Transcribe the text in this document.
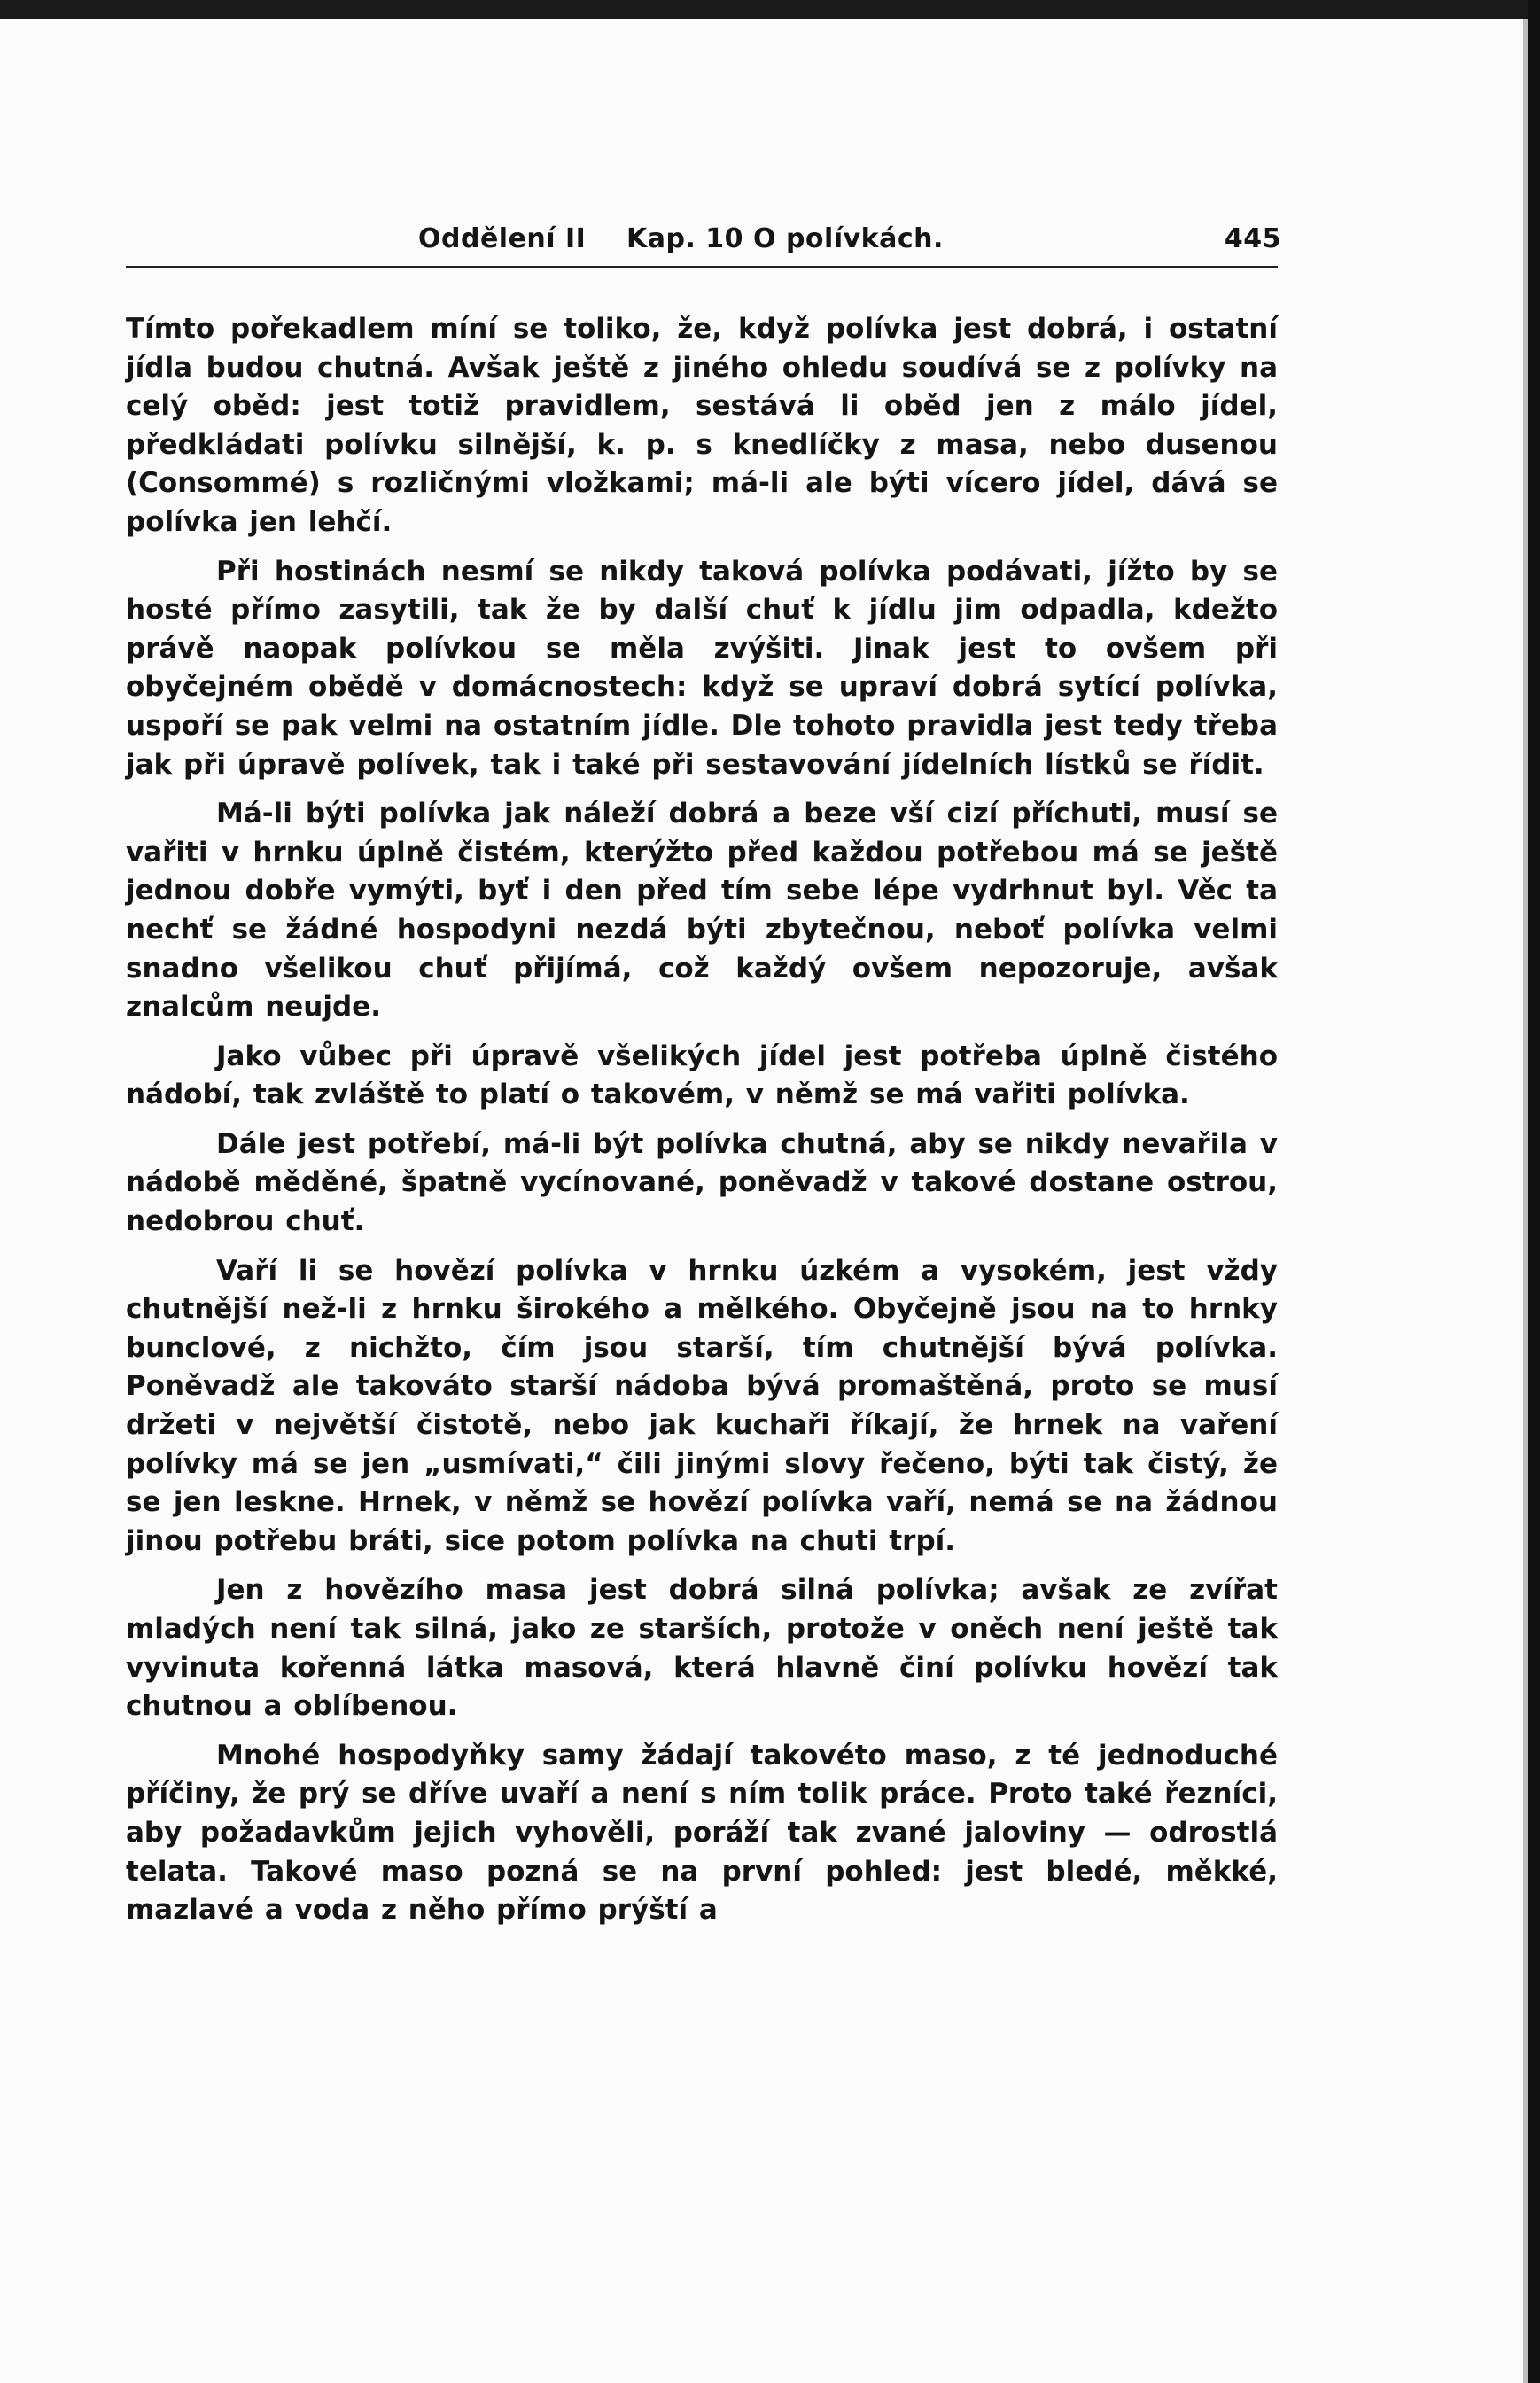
Oddělení II Kap. 10 O polívkách.	445

Tímto pořekadlem míní se toliko, že, když polívka jest dobrá, i ostatní jídla budou chutná. Avšak ještě z jiného ohledu soudívá se z polívky na celý oběd: jest totiž pravidlem, sestává li oběd jen z málo jídel, předkládati polívku silnější, k. p. s knedlíčky z masa, nebo dusenou (Consommé) s rozličnými vložkami; má-li ale býti vícero jídel, dává se polívka jen lehčí.

Při hostinách nesmí se nikdy taková polívka podávati, jížto by se hosté přímo zasytili, tak že by další chuť k jídlu jim odpadla, kdežto právě naopak polívkou se měla zvýšiti. Jinak jest to ovšem při obyčejném obědě v domácnostech: když se upraví dobrá sytící polívka, uspoří se pak velmi na ostatním jídle. Dle tohoto pravidla jest tedy třeba jak při úpravě polívek, tak i také při sestavování jídelních lístků se řídit.

Má-li býti polívka jak náleží dobrá a beze vší cizí příchuti, musí se vařiti v hrnku úplně čistém, kterýžto před každou potřebou má se ještě jednou dobře vymýti, byť i den před tím sebe lépe vydrhnut byl. Věc ta nechť se žádné hospodyni nezdá býti zbytečnou, neboť polívka velmi snadno všelikou chuť přijímá, což každý ovšem nepozoruje, avšak znalcům neujde.

Jako vůbec při úpravě všelikých jídel jest potřeba úplně čistého nádobí, tak zvláště to platí o takovém, v němž se má vařiti polívka.

Dále jest potřebí, má-li být polívka chutná, aby se nikdy nevařila v nádobě měděné, špatně vycínované, poněvadž v takové dostane ostrou, nedobrou chuť.

Vaří li se hovězí polívka v hrnku úzkém a vysokém, jest vždy chutnější než-li z hrnku širokého a mělkého. Obyčejně jsou na to hrnky bunclové, z nichžto, čím jsou starší, tím chutnější bývá polívka. Poněvadž ale takováto starší nádoba bývá promaštěná, proto se musí držeti v největší čistotě, nebo jak kuchaři říkají, že hrnek na vaření polívky má se jen „usmívati,“ čili jinými slovy řečeno, býti tak čistý, že se jen leskne. Hrnek, v němž se hovězí polívka vaří, nemá se na žádnou jinou potřebu bráti, sice potom polívka na chuti trpí.

Jen z hovězího masa jest dobrá silná polívka; avšak ze zvířat mladých není tak silná, jako ze starších, protože v oněch není ještě tak vyvinuta kořenná látka masová, která hlavně činí polívku hovězí tak chutnou a oblíbenou.

Mnohé hospodyňky samy žádají takovéto maso, z té jednoduché příčiny, že prý se dříve uvaří a není s ním tolik práce. Proto také řezníci, aby požadavkům jejich vyhověli, poráží tak zvané jaloviny — odrostlá telata. Takové maso pozná se na první pohled: jest bledé, měkké, mazlavé a voda z něho přímo prýští a
